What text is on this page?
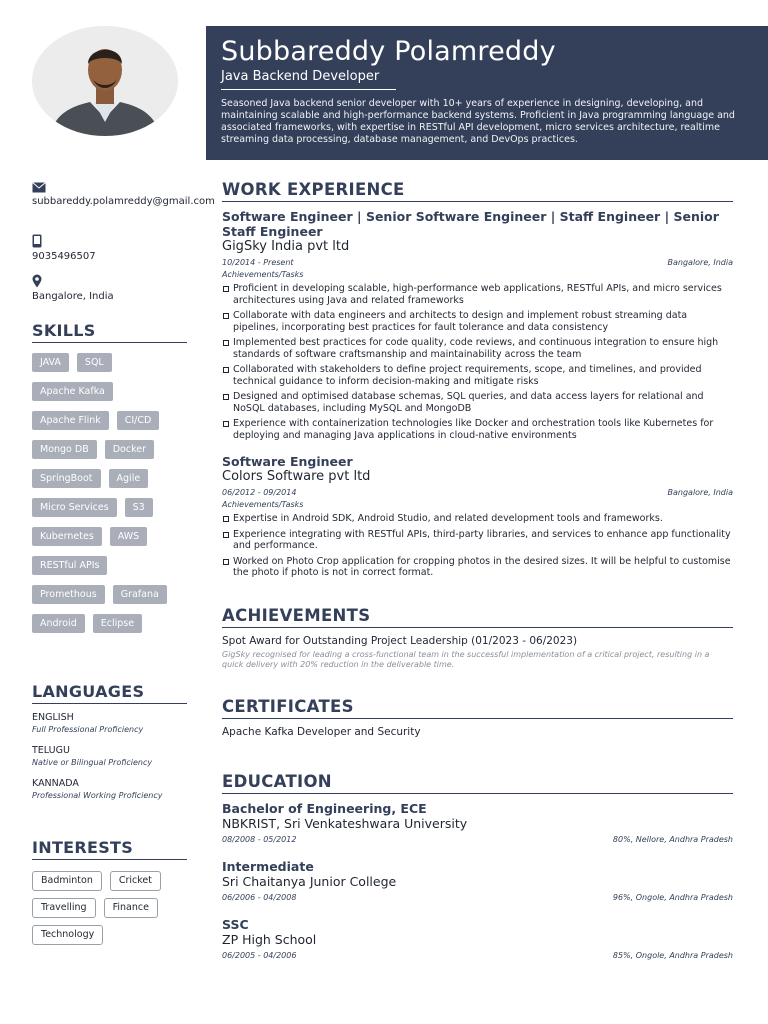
subbareddy.polamreddy@gmail.com
9035496507
Bangalore, India
SKILLS
JAVA	SQL
Apache Kafka
Apache Flink	CI/CD
Mongo DB	Docker
SpringBoot	Agile
Micro Services	S3
Kubernetes	AWS
RESTful APIs
Promethous	Grafana
Android	Eclipse
LANGUAGES
ENGLISH
Full Professional Proficiency
TELUGU
Native or Bilingual Proficiency
KANNADA
Professional Working Proficiency
INTERESTS
Badminton	Cricket
Travelling	Finance
Technology
Subbareddy Polamreddy
Java Backend Developer
Seasoned Java backend senior developer with 10+ years of experience in designing, developing, and maintaining scalable and high-performance backend systems. Proficient in Java programming language and associated frameworks, with expertise in RESTful API development, micro services architecture, realtime streaming data processing, database management, and DevOps practices.
WORK EXPERIENCE
Software Engineer | Senior Software Engineer | Staff Engineer | Senior Staff Engineer
GigSky India pvt ltd
10/2014 - Present	Bangalore, India
Achievements/Tasks
Proficient in developing scalable, high-performance web applications, RESTful APIs, and micro services architectures using Java and related frameworks
Collaborate with data engineers and architects to design and implement robust streaming data pipelines, incorporating best practices for fault tolerance and data consistency
Implemented best practices for code quality, code reviews, and continuous integration to ensure high standards of software craftsmanship and maintainability across the team
Collaborated with stakeholders to define project requirements, scope, and timelines, and provided technical guidance to inform decision-making and mitigate risks
Designed and optimised database schemas, SQL queries, and data access layers for relational and NoSQL databases, including MySQL and MongoDB
Experience with containerization technologies like Docker and orchestration tools like Kubernetes for deploying and managing Java applications in cloud-native environments
Software Engineer
Colors Software pvt ltd
06/2012 - 09/2014	Bangalore, India
Achievements/Tasks
Expertise in Android SDK, Android Studio, and related development tools and frameworks.
Experience integrating with RESTful APIs, third-party libraries, and services to enhance app functionality and performance.
Worked on Photo Crop application for cropping photos in the desired sizes. It will be helpful to customise the photo if photo is not in correct format.
ACHIEVEMENTS
Spot Award for Outstanding Project Leadership (01/2023 - 06/2023)
GigSky recognised for leading a cross-functional team in the successful implementation of a critical project, resulting in a quick delivery with 20% reduction in the deliverable time.
CERTIFICATES
Apache Kafka Developer and Security
EDUCATION
Bachelor of Engineering, ECE
NBKRIST, Sri Venkateshwara University
08/2008 - 05/2012	80%, Nellore, Andhra Pradesh
Intermediate
Sri Chaitanya Junior College
06/2006 - 04/2008	96%, Ongole, Andhra Pradesh
SSC
ZP High School
06/2005 - 04/2006	85%, Ongole, Andhra Pradesh
